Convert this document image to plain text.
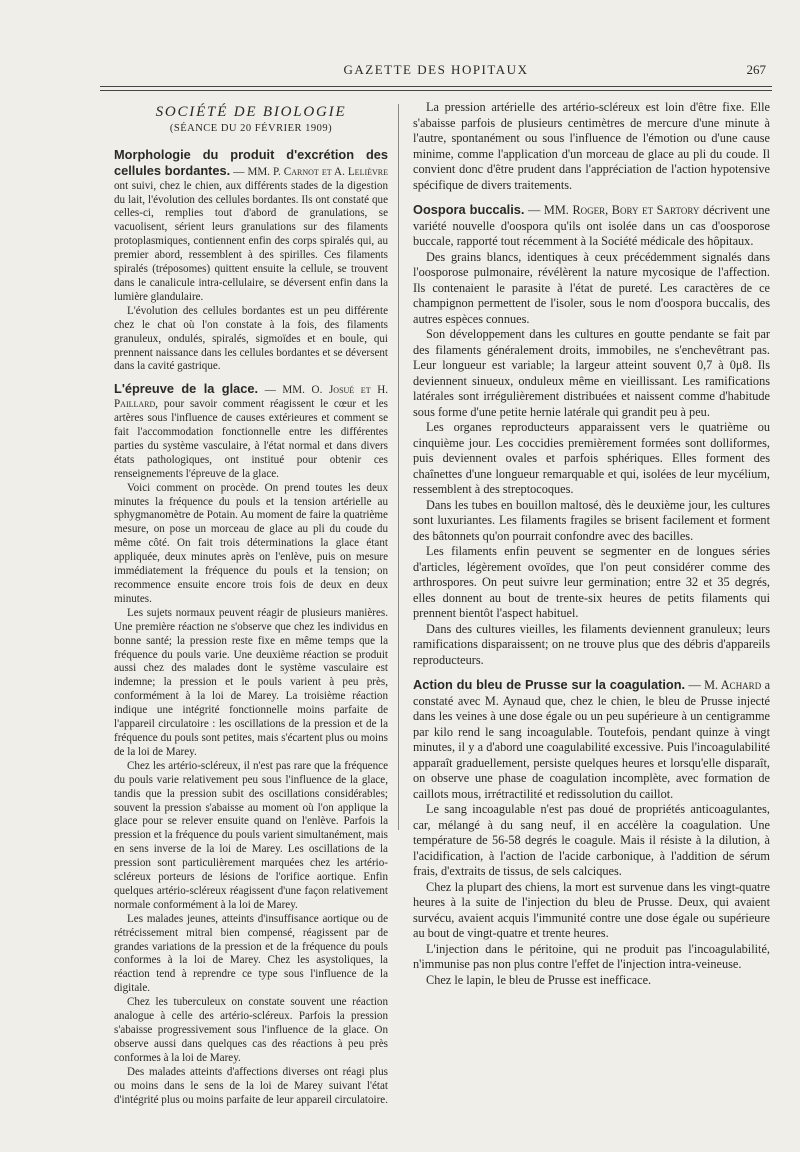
GAZETTE DES HOPITAUX	267
SOCIÉTÉ DE BIOLOGIE
(SÉANCE DU 20 FÉVRIER 1909)

Morphologie du produit d'excrétion des cellules bordantes. — MM. P. Carnot et A. Lelièvre ont suivi, chez le chien, aux différents stades de la digestion du lait, l'évolution des cellules bordantes. Ils ont constaté que celles-ci, remplies tout d'abord de granulations, se vacuolisent, sérient leurs granulations sur des filaments protoplasmiques, contiennent enfin des corps spiralés qui, au premier abord, ressemblent à des spirilles. Ces filaments spiralés (tréposomes) quittent ensuite la cellule, se trouvent dans le canalicule intra-cellulaire, se déversent enfin dans la lumière glandulaire.

L'évolution des cellules bordantes est un peu différente chez le chat où l'on constate à la fois, des filaments granuleux, ondulés, spiralés, sigmoïdes et en boule, qui prennent naissance dans les cellules bordantes et se déversent dans la cavité gastrique.

L'épreuve de la glace. — MM. O. Josué et H. Paillard, pour savoir comment réagissent le cœur et les artères sous l'influence de causes extérieures et comment se fait l'accommodation fonctionnelle entre les différentes parties du système vasculaire, à l'état normal et dans divers états pathologiques, ont institué pour obtenir ces renseignements l'épreuve de la glace.

Voici comment on procède. On prend toutes les deux minutes la fréquence du pouls et la tension artérielle au sphygmanomètre de Potain. Au moment de faire la quatrième mesure, on pose un morceau de glace au pli du coude du même côté. On fait trois déterminations la glace étant appliquée, deux minutes après on l'enlève, puis on mesure immédiatement la fréquence du pouls et la tension; on recommence ensuite encore trois fois de deux en deux minutes.

Les sujets normaux peuvent réagir de plusieurs manières. Une première réaction ne s'observe que chez les individus en bonne santé; la pression reste fixe en même temps que la fréquence du pouls varie. Une deuxième réaction se produit aussi chez des malades dont le système vasculaire est indemne; la pression et le pouls varient à peu près, conformément à la loi de Marey. La troisième réaction indique une intégrité fonctionnelle moins parfaite de l'appareil circulatoire : les oscillations de la pression et de la fréquence du pouls sont petites, mais s'écartent plus ou moins de la loi de Marey.

Chez les artério-scléreux, il n'est pas rare que la fréquence du pouls varie relativement peu sous l'influence de la glace, tandis que la pression subit des oscillations considérables; souvent la pression s'abaisse au moment où l'on applique la glace pour se relever ensuite quand on l'enlève. Parfois la pression et la fréquence du pouls varient simultanément, mais en sens inverse de la loi de Marey. Les oscillations de la pression sont particulièrement marquées chez les artério-scléreux porteurs de lésions de l'orifice aortique. Enfin quelques artério-scléreux réagissent d'une façon relativement normale conformément à la loi de Marey.

Les malades jeunes, atteints d'insuffisance aortique ou de rétrécissement mitral bien compensé, réagissent par de grandes variations de la pression et de la fréquence du pouls conformes à la loi de Marey. Chez les asystoliques, la réaction tend à reprendre ce type sous l'influence de la digitale.

Chez les tuberculeux on constate souvent une réaction analogue à celle des artério-scléreux. Parfois la pression s'abaisse progressivement sous l'influence de la glace. On observe aussi dans quelques cas des réactions à peu près conformes à la loi de Marey.

Des malades atteints d'affections diverses ont réagi plus ou moins dans le sens de la loi de Marey suivant l'état d'intégrité plus ou moins parfaite de leur appareil circulatoire.

La pression artérielle des artério-scléreux est loin d'être fixe. Elle s'abaisse parfois de plusieurs centimètres de mercure d'une minute à l'autre, spontanément ou sous l'influence de l'émotion ou d'une cause minime, comme l'application d'un morceau de glace au pli du coude. Il convient donc d'être prudent dans l'appréciation de l'action hypotensive spécifique de divers traitements.

Oospora buccalis. — MM. Roger, Bory et Sartory décrivent une variété nouvelle d'oospora qu'ils ont isolée dans un cas d'oosporose buccale, rapporté tout récemment à la Société médicale des hôpitaux.

Des grains blancs, identiques à ceux précédemment signalés dans l'oosporose pulmonaire, révélèrent la nature mycosique de l'affection. Ils contenaient le parasite à l'état de pureté. Les caractères de ce champignon permettent de l'isoler, sous le nom d'oospora buccalis, des autres espèces connues.

Son développement dans les cultures en goutte pendante se fait par des filaments généralement droits, immobiles, ne s'enchevêtrant pas. Leur longueur est variable; la largeur atteint souvent 0,7 à 0μ8. Ils deviennent sinueux, onduleux même en vieillissant. Les ramifications latérales sont irrégulièrement distribuées et naissent comme d'habitude sous forme d'une petite hernie latérale qui grandit peu à peu.

Les organes reproducteurs apparaissent vers le quatrième ou cinquième jour. Les coccidies premièrement formées sont dolliformes, puis deviennent ovales et parfois sphériques. Elles forment des chaînettes d'une longueur remarquable et qui, isolées de leur mycélium, ressemblent à des streptocoques.

Dans les tubes en bouillon maltosé, dès le deuxième jour, les cultures sont luxuriantes. Les filaments fragiles se brisent facilement et forment des bâtonnets qu'on pourrait confondre avec des bacilles.

Les filaments enfin peuvent se segmenter en de longues séries d'articles, légèrement ovoïdes, que l'on peut considérer comme des arthrospores. On peut suivre leur germination; entre 32 et 35 degrés, elles donnent au bout de trente-six heures de petits filaments qui prennent bientôt l'aspect habituel.

Dans des cultures vieilles, les filaments deviennent granuleux; leurs ramifications disparaissent; on ne trouve plus que des débris d'appareils reproducteurs.

Action du bleu de Prusse sur la coagulation. — M. Achard a constaté avec M. Aynaud que, chez le chien, le bleu de Prusse injecté dans les veines à une dose égale ou un peu supérieure à un centigramme par kilo rend le sang incoagulable. Toutefois, pendant quinze à vingt minutes, il y a d'abord une coagulabilité excessive. Puis l'incoagulabilité apparaît graduellement, persiste quelques heures et lorsqu'elle disparaît, on observe une phase de coagulation incomplète, avec formation de caillots mous, irrétractilité et redissolution du caillot.

Le sang incoagulable n'est pas doué de propriétés anticoagulantes, car, mélangé à du sang neuf, il en accélère la coagulation. Une température de 56-58 degrés le coagule. Mais il résiste à la dilution, à l'acidification, à l'action de l'acide carbonique, à l'addition de sérum frais, d'extraits de tissus, de sels calciques.

Chez la plupart des chiens, la mort est survenue dans les vingt-quatre heures à la suite de l'injection du bleu de Prusse. Deux, qui avaient survécu, avaient acquis l'immunité contre une dose égale ou supérieure au bout de vingt-quatre et trente heures.

L'injection dans le péritoine, qui ne produit pas l'incoagulabilité, n'immunise pas non plus contre l'effet de l'injection intra-veineuse.

Chez le lapin, le bleu de Prusse est inefficace.
